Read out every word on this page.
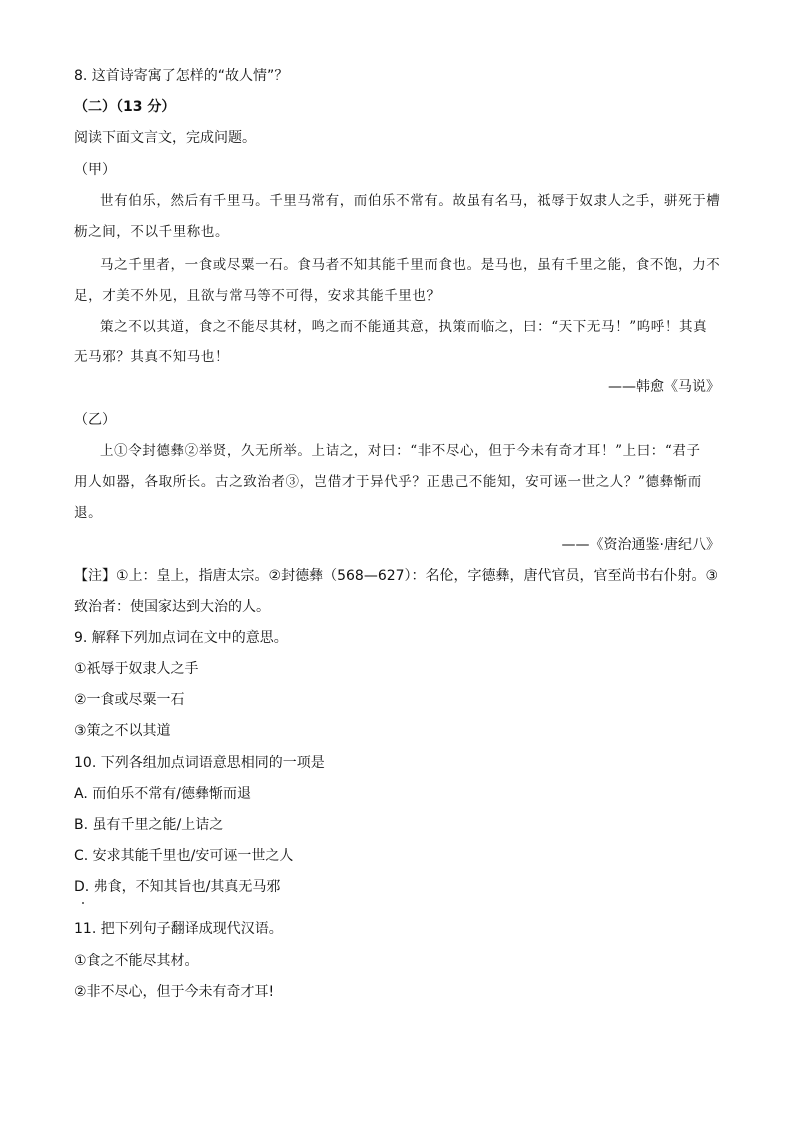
8. 这首诗寄寓了怎样的“故人情”？
（二）（13 分）
阅读下面文言文，完成问题。
（甲）
世有伯乐，然后有千里马。千里马常有，而伯乐不常有。故虽有名马，祗辱于奴隶人之手，骈死于槽
枥之间，不以千里称也。
马之千里者，一食或尽粟一石。食马者不知其能千里而食也。是马也，虽有千里之能，食不饱，力不
足，才美不外见，且欲与常马等不可得，安求其能千里也？
策之不以其道，食之不能尽其材，鸣之而不能通其意，执策而临之，曰：“天下无马！”呜呼！其真
无马邪？其真不知马也！
——韩愈《马说》
（乙）
上①令封德彝②举贤，久无所举。上诘之，对曰：“非不尽心，但于今未有奇才耳！”上曰：“君子
用人如器，各取所长。古之致治者③，岂借才于异代乎？正患己不能知，安可诬一世之人？”德彝惭而
退。
——《资治通鉴·唐纪八》
【注】①上：皇上，指唐太宗。②封德彝（568—627）：名伦，字德彝，唐代官员，官至尚书右仆射。③
致治者：使国家达到大治的人。
9. 解释下列加点词在文中的意思。
①祇辱于奴隶人之手
②一食或尽粟一石
③策之不以其道
10. 下列各组加点词语意思相同的一项是
A. 而伯乐不常有/德彝惭而退
B. 虽有千里之能/上诘之
C. 安求其能千里也/安可诬一世之人
D. 弗食，不知其旨也/其真无马邪
11. 把下列句子翻译成现代汉语。
①食之不能尽其材。
②非不尽心，但于今未有奇才耳!
